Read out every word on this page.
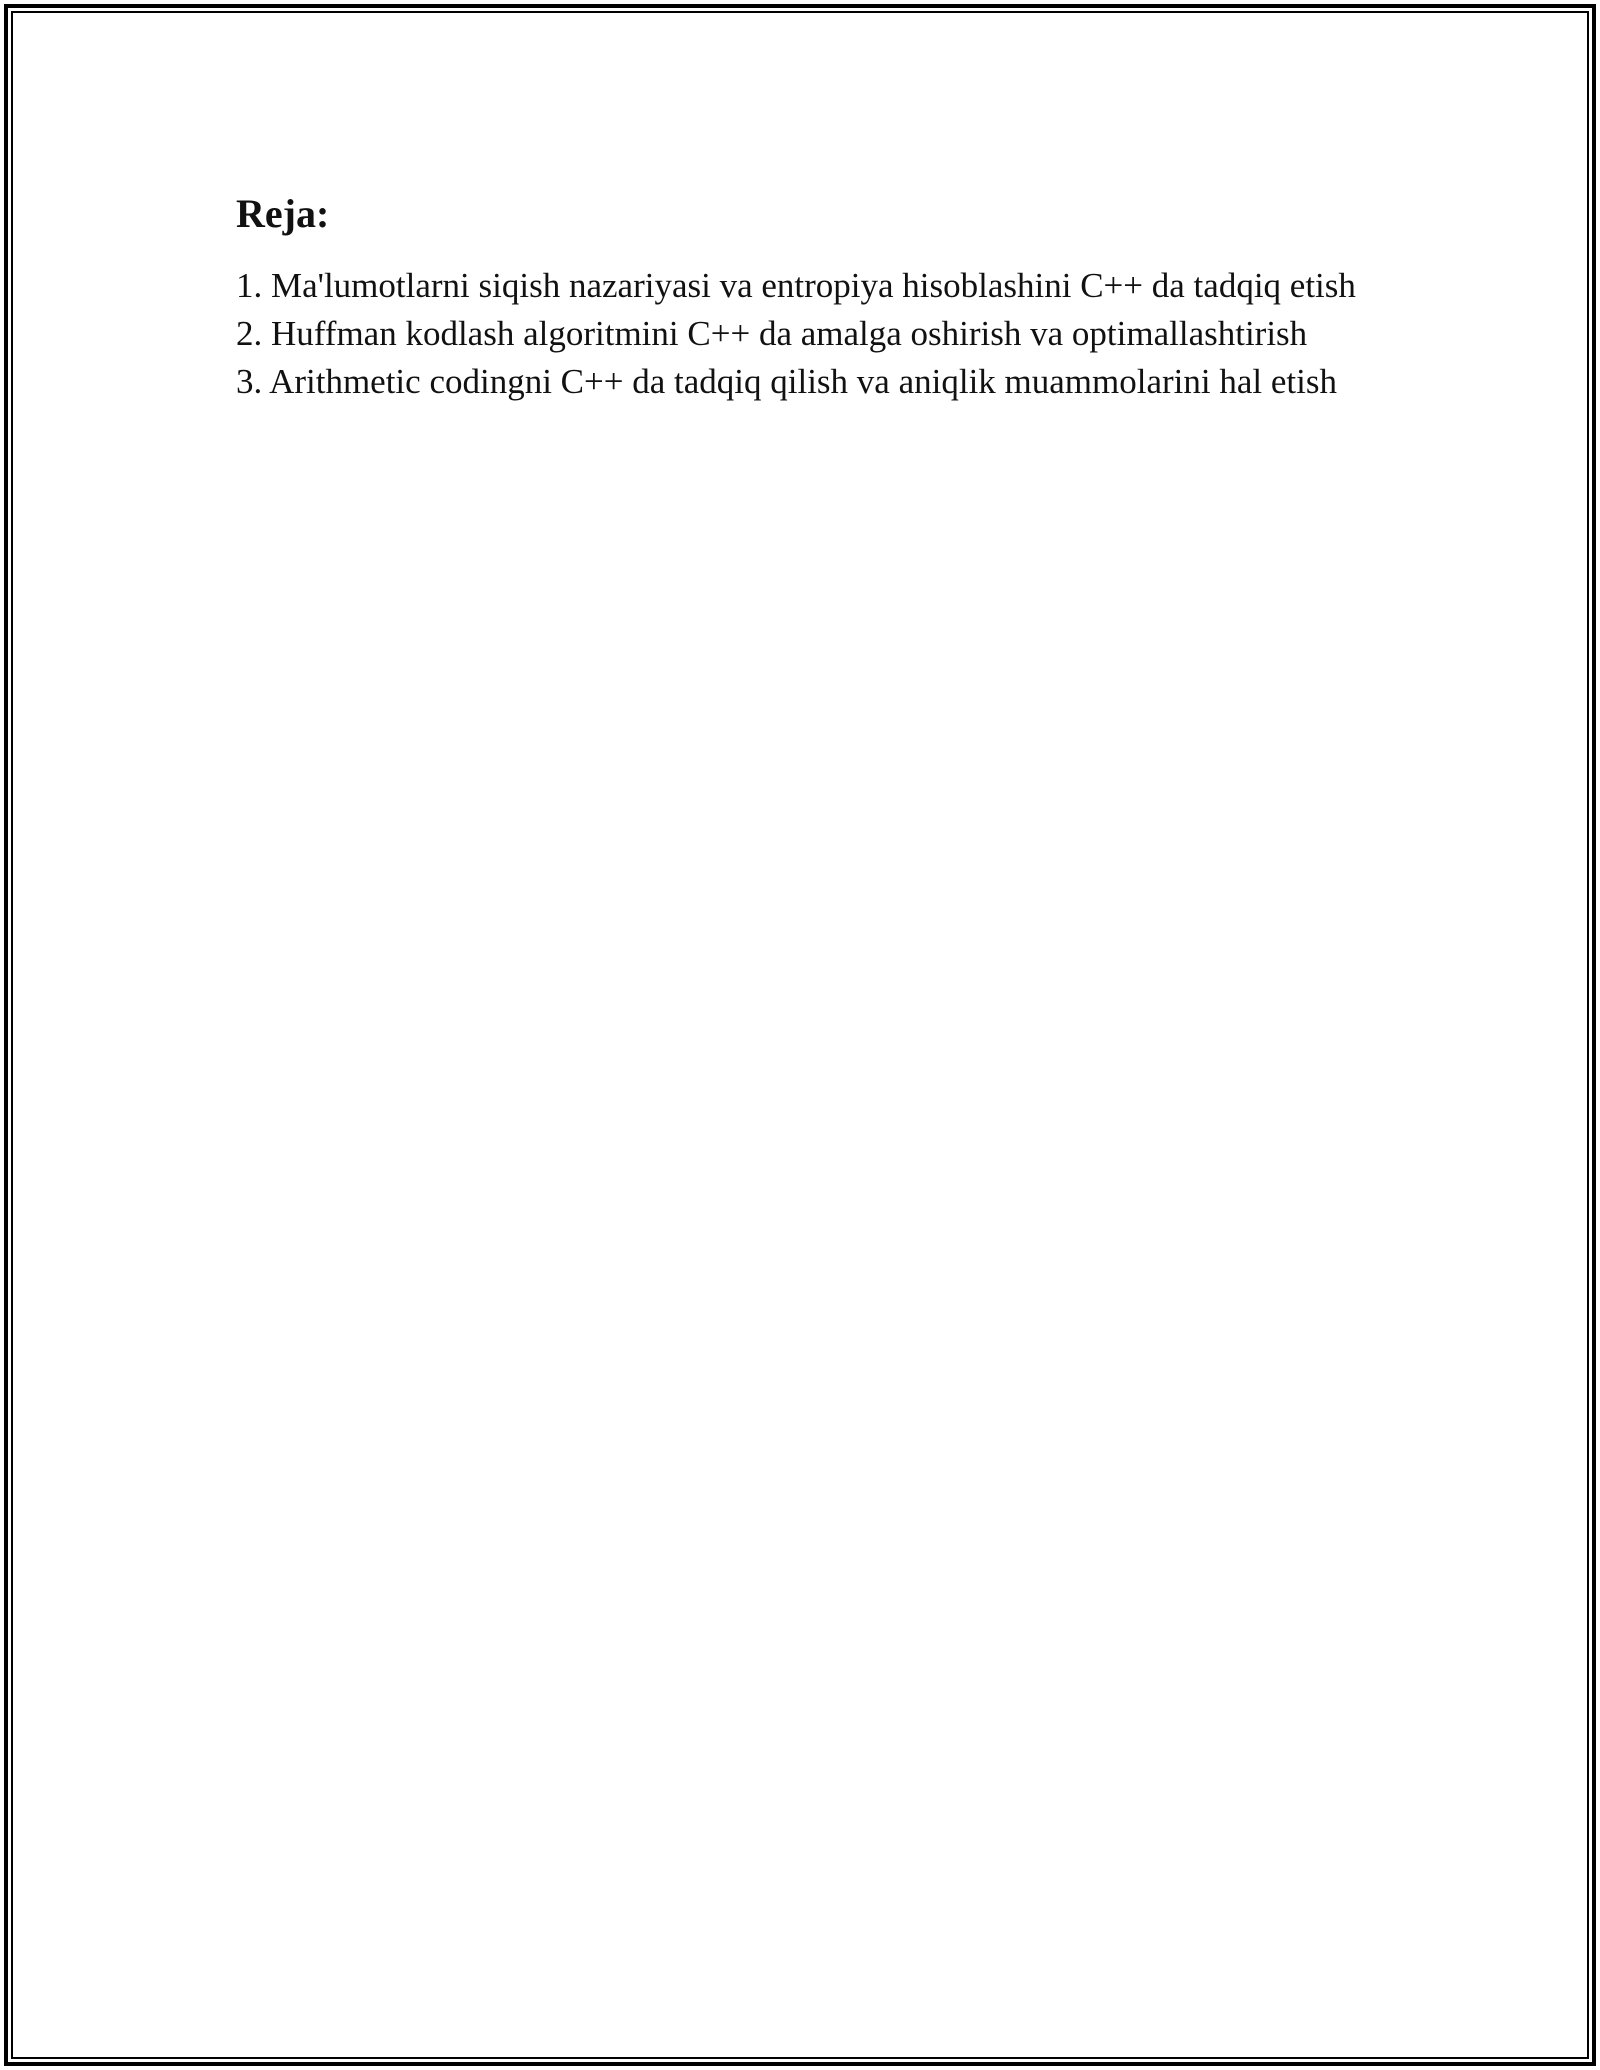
Reja:
1. Ma'lumotlarni siqish nazariyasi va entropiya hisoblashini C++ da tadqiq etish
2. Huffman kodlash algoritmini C++ da amalga oshirish va optimallashtirish
3. Arithmetic codingni C++ da tadqiq qilish va aniqlik muammolarini hal etish
